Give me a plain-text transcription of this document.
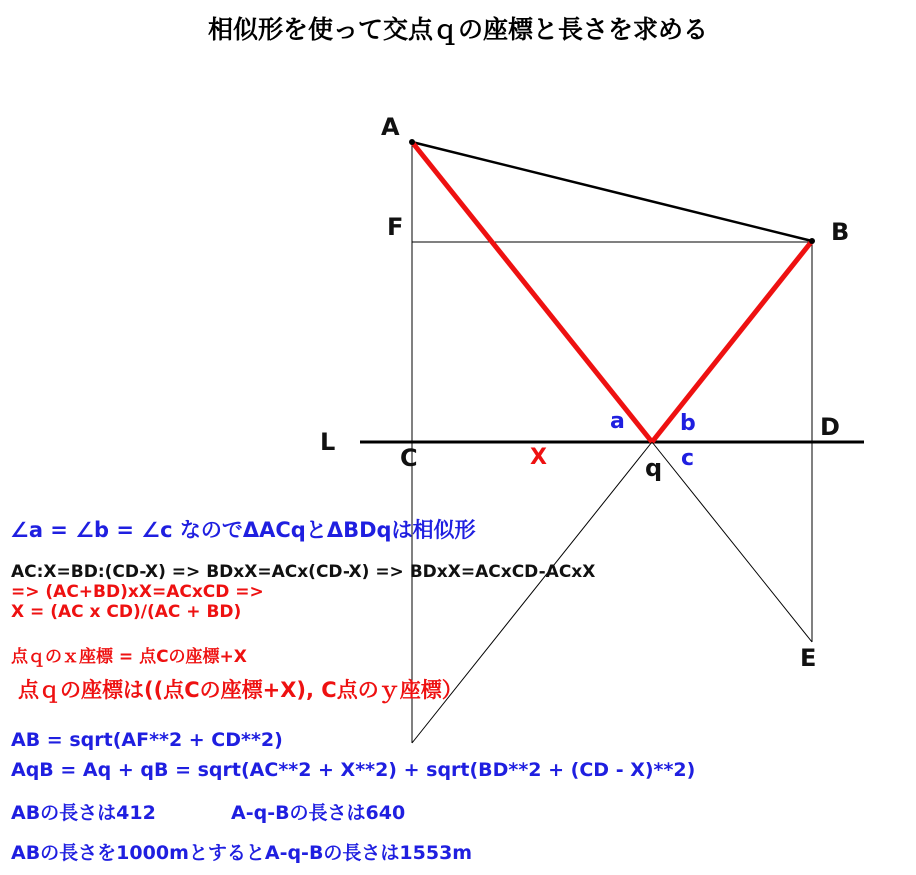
相似形を使って交点ｑの座標と長さを求める
A
B
F
L
C
D
q
E
a	b
c
X
∠a = ∠b = ∠c なのでΔACqとΔBDqは相似形
AC:X=BD:(CD-X) => BDxX=ACx(CD-X) => BDxX=ACxCD-ACxX
=> (AC+BD)xX=ACxCD =>
X = (AC x CD)/(AC + BD)
点ｑのｘ座標 = 点Cの座標+X
点ｑの座標は((点Cの座標+X), C点のｙ座標）
AB = sqrt(AF**2 + CD**2)
AqB = Aq + qB = sqrt(AC**2 + X**2) + sqrt(BD**2 + (CD - X)**2)
ABの長さは412	A-q-Bの長さは640
ABの長さを1000mとするとA-q-Bの長さは1553m
